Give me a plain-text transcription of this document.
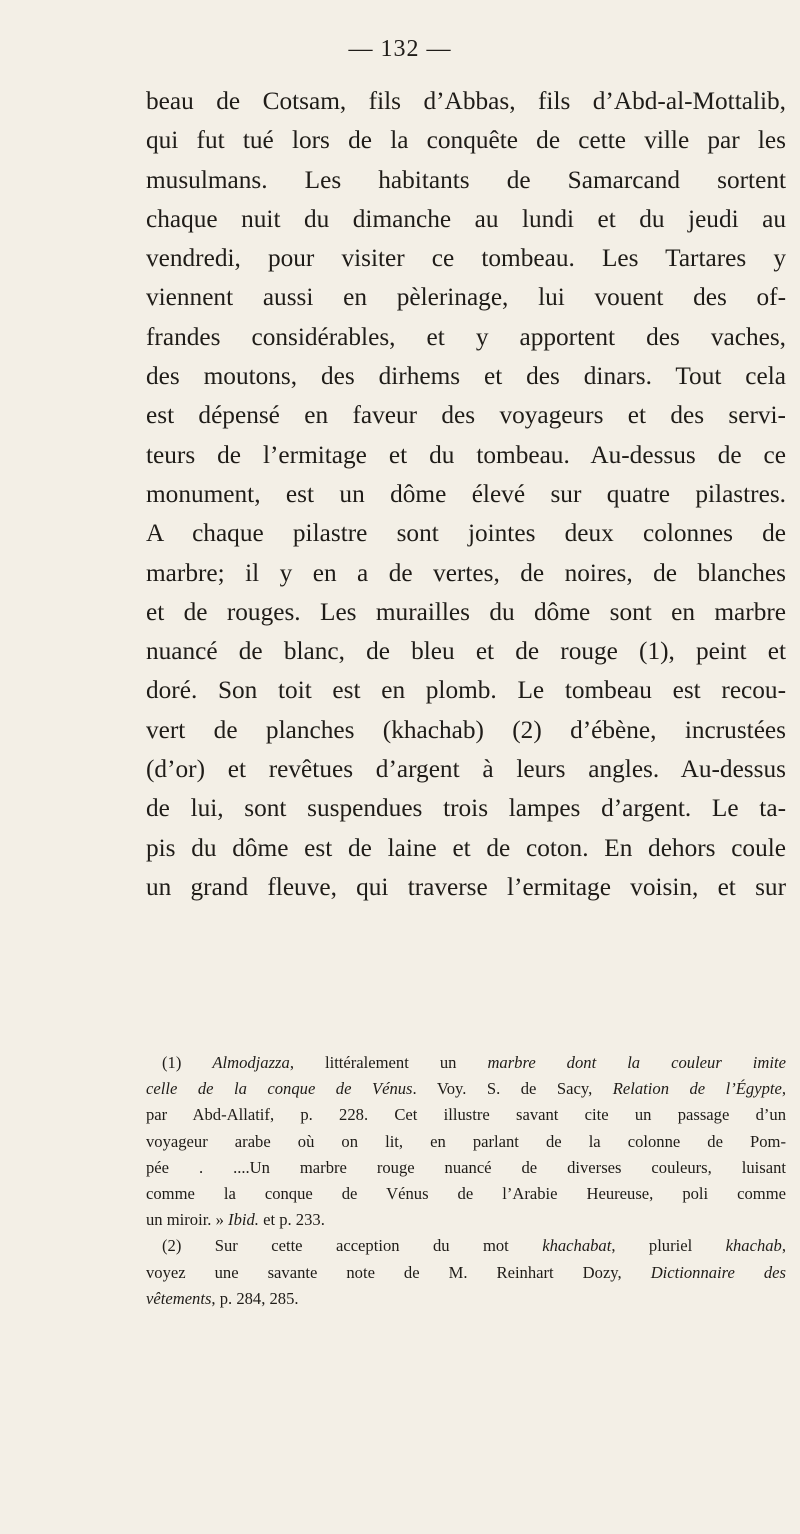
— 132 —
beau de Cotsam, fils d’Abbas, fils d’Abd-al-Mottalib,
qui fut tué lors de la conquête de cette ville par les
musulmans. Les habitants de Samarcand sortent
chaque nuit du dimanche au lundi et du jeudi au
vendredi, pour visiter ce tombeau. Les Tartares y
viennent aussi en pèlerinage, lui vouent des of-
frandes considérables, et y apportent des vaches,
des moutons, des dirhems et des dinars. Tout cela
est dépensé en faveur des voyageurs et des servi-
teurs de l’ermitage et du tombeau. Au-dessus de ce
monument, est un dôme élevé sur quatre pilastres.
A chaque pilastre sont jointes deux colonnes de
marbre; il y en a de vertes, de noires, de blanches
et de rouges. Les murailles du dôme sont en marbre
nuancé de blanc, de bleu et de rouge (1), peint et
doré. Son toit est en plomb. Le tombeau est recou-
vert de planches (khachab) (2) d’ébène, incrustées
(d’or) et revêtues d’argent à leurs angles. Au-dessus
de lui, sont suspendues trois lampes d’argent. Le ta-
pis du dôme est de laine et de coton. En dehors coule
un grand fleuve, qui traverse l’ermitage voisin, et sur
(1) Almodjazza, littéralement un marbre dont la couleur imite
celle de la conque de Vénus. Voy. S. de Sacy, Relation de l’Égypte,
par Abd-Allatif, p. 228. Cet illustre savant cite un passage d’un
voyageur arabe où on lit, en parlant de la colonne de Pom-
pée . ....Un marbre rouge nuancé de diverses couleurs, luisant
comme la conque de Vénus de l’Arabie Heureuse, poli comme
un miroir. » Ibid. et p. 233.
(2) Sur cette acception du mot khachabat, pluriel khachab,
voyez une savante note de M. Reinhart Dozy, Dictionnaire des
vêtements, p. 284, 285.
